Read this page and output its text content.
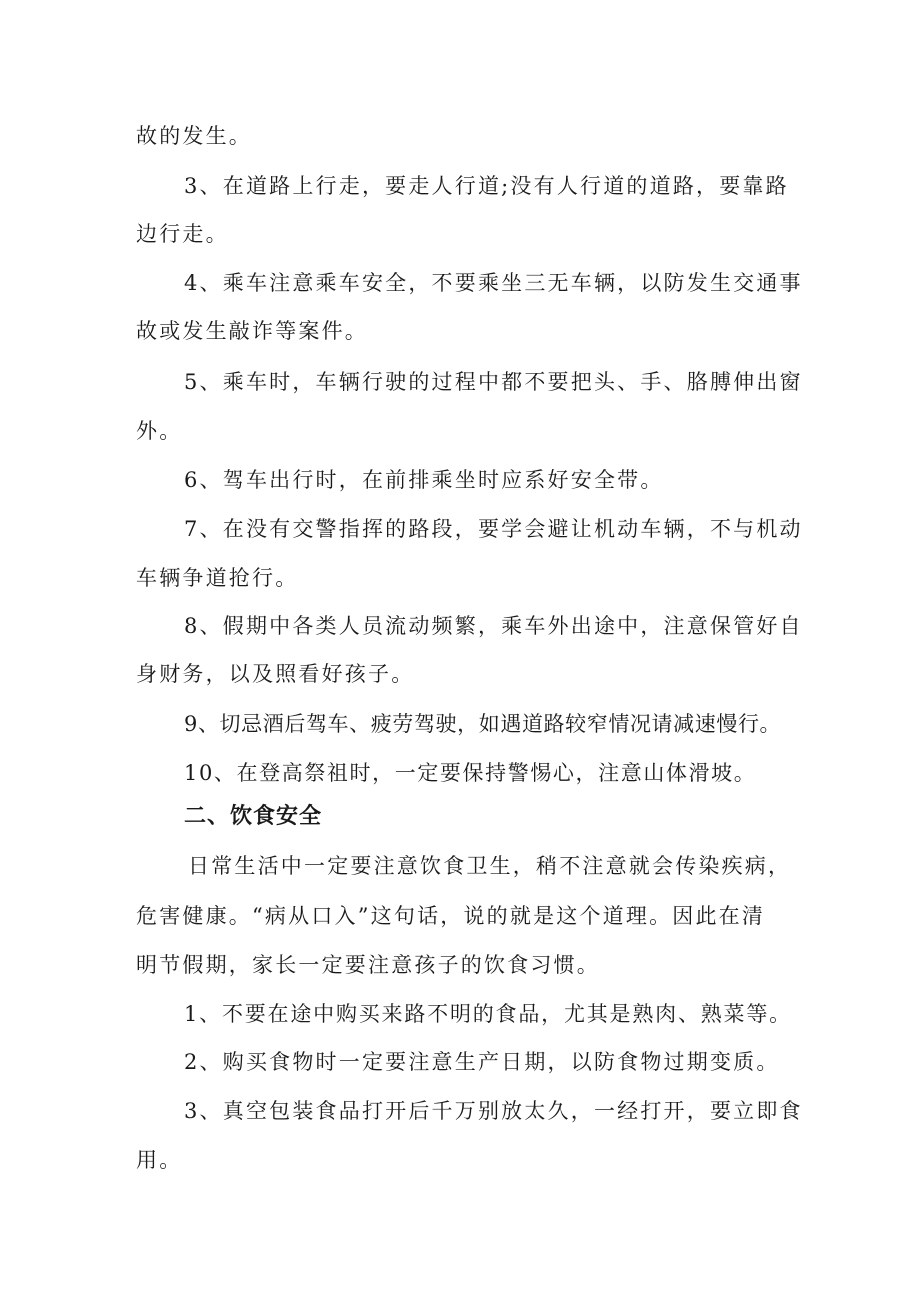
故的发生。
3、在道路上行走，要走人行道;没有人行道的道路，要靠路
边行走。
4、乘车注意乘车安全，不要乘坐三无车辆，以防发生交通事
故或发生敲诈等案件。
5、乘车时，车辆行驶的过程中都不要把头、手、胳膊伸出窗
外。
6、驾车出行时，在前排乘坐时应系好安全带。
7、在没有交警指挥的路段，要学会避让机动车辆，不与机动
车辆争道抢行。
8、假期中各类人员流动频繁，乘车外出途中，注意保管好自
身财务，以及照看好孩子。
9、切忌酒后驾车、疲劳驾驶，如遇道路较窄情况请减速慢行。
10、在登高祭祖时，一定要保持警惕心，注意山体滑坡。
二、饮食安全
日常生活中一定要注意饮食卫生，稍不注意就会传染疾病，
危害健康。“病从口入”这句话，说的就是这个道理。因此在清
明节假期，家长一定要注意孩子的饮食习惯。
1、不要在途中购买来路不明的食品，尤其是熟肉、熟菜等。
2、购买食物时一定要注意生产日期，以防食物过期变质。
3、真空包装食品打开后千万别放太久，一经打开，要立即食
用。
